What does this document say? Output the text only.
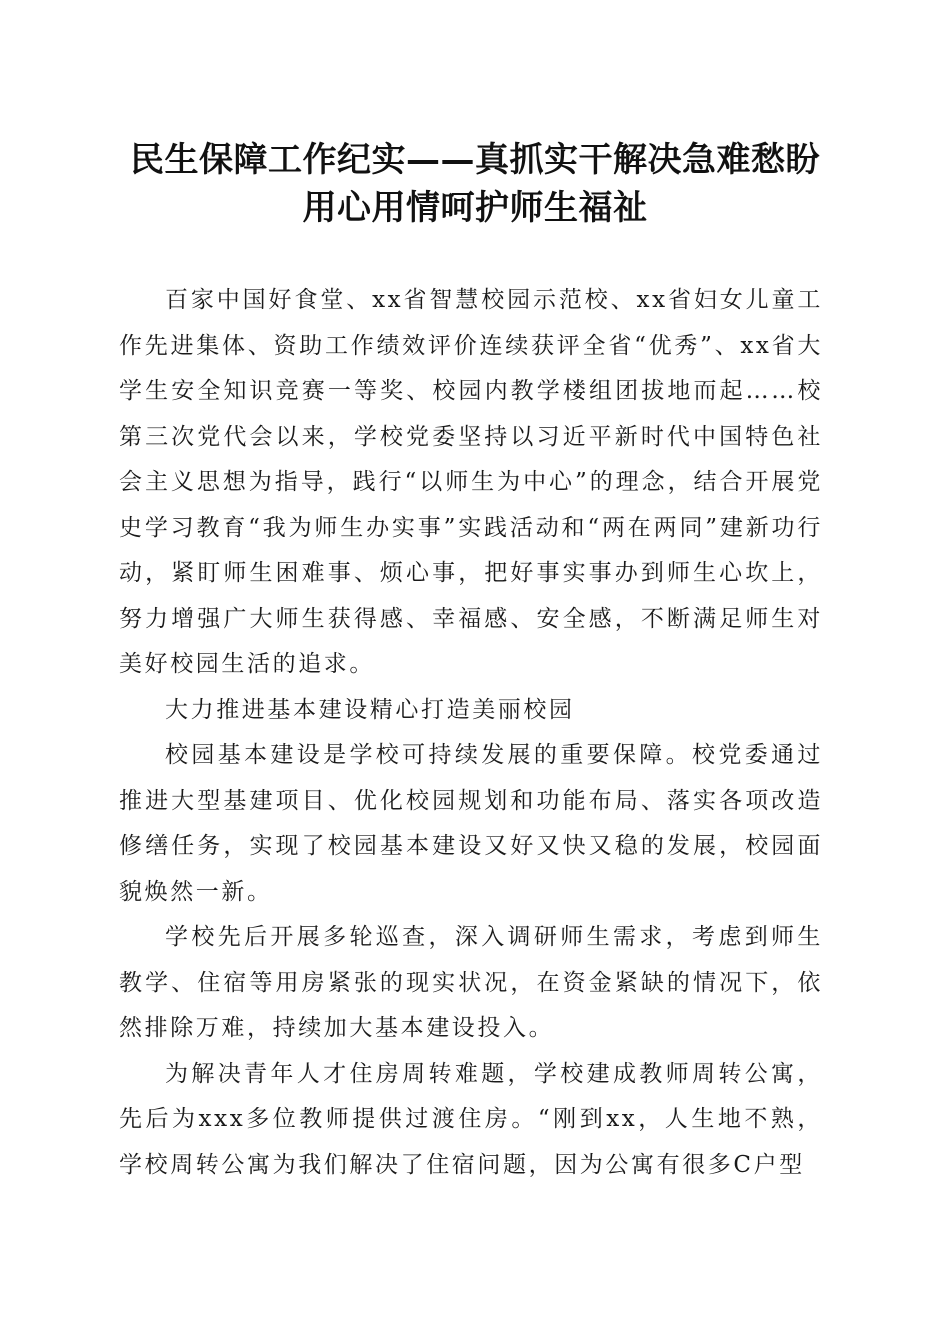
民生保障工作纪实——真抓实干解决急难愁盼
用心用情呵护师生福祉

百家中国好食堂、xx省智慧校园示范校、xx省妇女儿童工作先进集体、资助工作绩效评价连续获评全省“优秀”、xx省大学生安全知识竞赛一等奖、校园内教学楼组团拔地而起……校第三次党代会以来，学校党委坚持以习近平新时代中国特色社会主义思想为指导，践行“以师生为中心”的理念，结合开展党史学习教育“我为师生办实事”实践活动和“两在两同”建新功行动，紧盯师生困难事、烦心事，把好事实事办到师生心坎上，努力增强广大师生获得感、幸福感、安全感，不断满足师生对美好校园生活的追求。

大力推进基本建设精心打造美丽校园

校园基本建设是学校可持续发展的重要保障。校党委通过推进大型基建项目、优化校园规划和功能布局、落实各项改造修缮任务，实现了校园基本建设又好又快又稳的发展，校园面貌焕然一新。

学校先后开展多轮巡查，深入调研师生需求，考虑到师生教学、住宿等用房紧张的现实状况，在资金紧缺的情况下，依然排除万难，持续加大基本建设投入。

为解决青年人才住房周转难题，学校建成教师周转公寓，先后为xxx多位教师提供过渡住房。“刚到xx，人生地不熟，学校周转公寓为我们解决了住宿问题，因为公寓有很多C户型
